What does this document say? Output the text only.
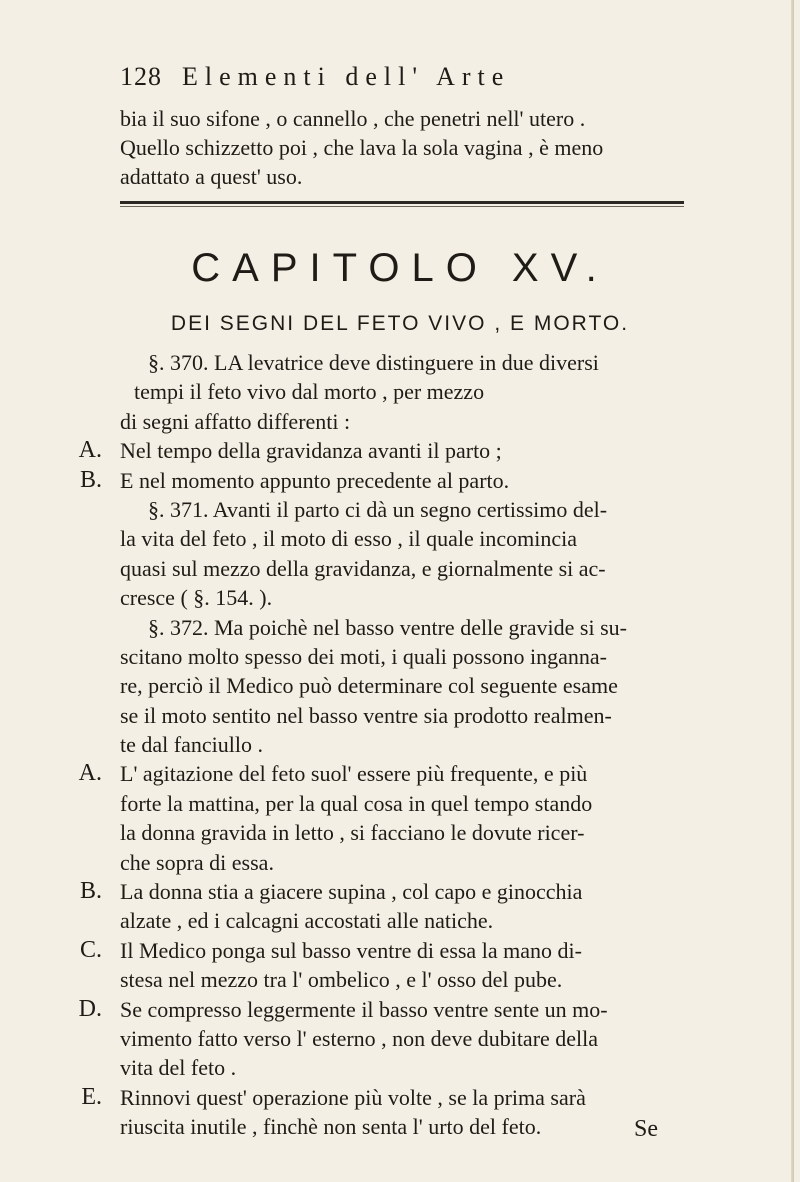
128 Elementi dell' Arte
bia il suo sifone , o cannello , che penetri nell' utero .
Quello schizzetto poi , che lava la sola vagina , è meno
adattato a quest' uso.
CAPITOLO XV.
DEI SEGNI DEL FETO VIVO , E MORTO.
§. 370. LA levatrice deve distinguere in due diversi
tempi il feto vivo dal morto , per mezzo
di segni affatto differenti :
A. Nel tempo della gravidanza avanti il parto ;
B. E nel momento appunto precedente al parto.
§. 371. Avanti il parto ci dà un segno certissimo del-
la vita del feto , il moto di esso , il quale incomincia
quasi sul mezzo della gravidanza, e giornalmente si ac-
cresce ( §. 154. ).
§. 372. Ma poichè nel basso ventre delle gravide si su-
scitano molto spesso dei moti, i quali possono inganna-
re, perciò il Medico può determinare col seguente esame
se il moto sentito nel basso ventre sia prodotto realmen-
te dal fanciullo .
A. L' agitazione del feto suol' essere più frequente, e più
forte la mattina, per la qual cosa in quel tempo stando
la donna gravida in letto , si facciano le dovute ricer-
che sopra di essa.
B. La donna stia a giacere supina , col capo e ginocchia
alzate , ed i calcagni accostati alle natiche.
C. Il Medico ponga sul basso ventre di essa la mano di-
stesa nel mezzo tra l' ombelico , e l' osso del pube.
D. Se compresso leggermente il basso ventre sente un mo-
vimento fatto verso l' esterno , non deve dubitare della
vita del feto .
E. Rinnovi quest' operazione più volte , se la prima sarà
riuscita inutile , finchè non senta l' urto del feto.	Se
